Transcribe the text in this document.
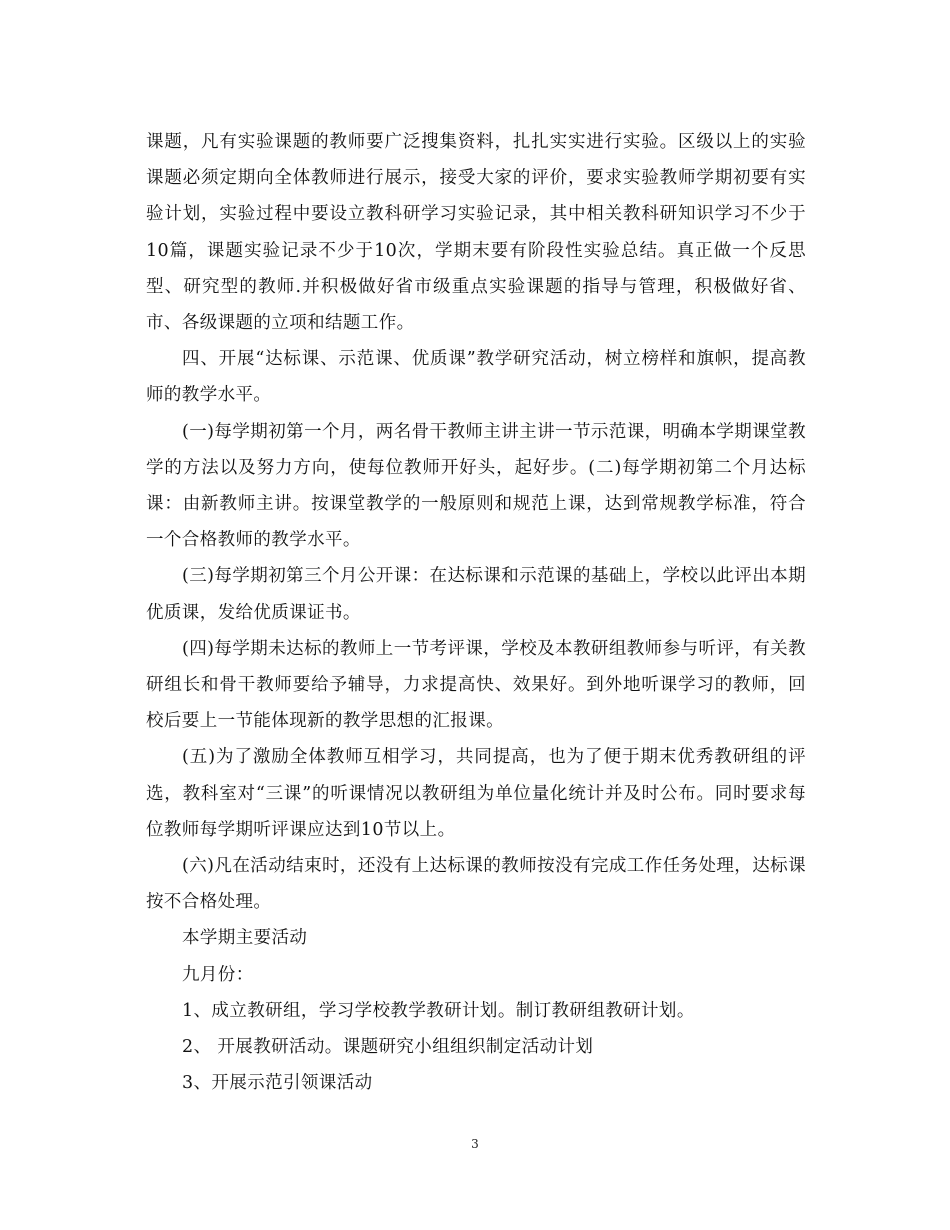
课题，凡有实验课题的教师要广泛搜集资料，扎扎实实进行实验。区级以上的实验课题必须定期向全体教师进行展示，接受大家的评价，要求实验教师学期初要有实验计划，实验过程中要设立教科研学习实验记录，其中相关教科研知识学习不少于10篇，课题实验记录不少于10次，学期末要有阶段性实验总结。真正做一个反思型、研究型的教师.并积极做好省市级重点实验课题的指导与管理，积极做好省、市、各级课题的立项和结题工作。

四、开展“达标课、示范课、优质课”教学研究活动，树立榜样和旗帜，提高教师的教学水平。

(一)每学期初第一个月，两名骨干教师主讲主讲一节示范课，明确本学期课堂教学的方法以及努力方向，使每位教师开好头，起好步。(二)每学期初第二个月达标课：由新教师主讲。按课堂教学的一般原则和规范上课，达到常规教学标准，符合一个合格教师的教学水平。

(三)每学期初第三个月公开课：在达标课和示范课的基础上，学校以此评出本期优质课，发给优质课证书。

(四)每学期未达标的教师上一节考评课，学校及本教研组教师参与听评，有关教研组长和骨干教师要给予辅导，力求提高快、效果好。到外地听课学习的教师，回校后要上一节能体现新的教学思想的汇报课。

(五)为了激励全体教师互相学习，共同提高，也为了便于期末优秀教研组的评选，教科室对“三课”的听课情况以教研组为单位量化统计并及时公布。同时要求每位教师每学期听评课应达到10节以上。

(六)凡在活动结束时，还没有上达标课的教师按没有完成工作任务处理，达标课按不合格处理。

本学期主要活动

九月份：

1、成立教研组，学习学校教学教研计划。制订教研组教研计划。

2、 开展教研活动。课题研究小组组织制定活动计划

3、开展示范引领课活动

3
